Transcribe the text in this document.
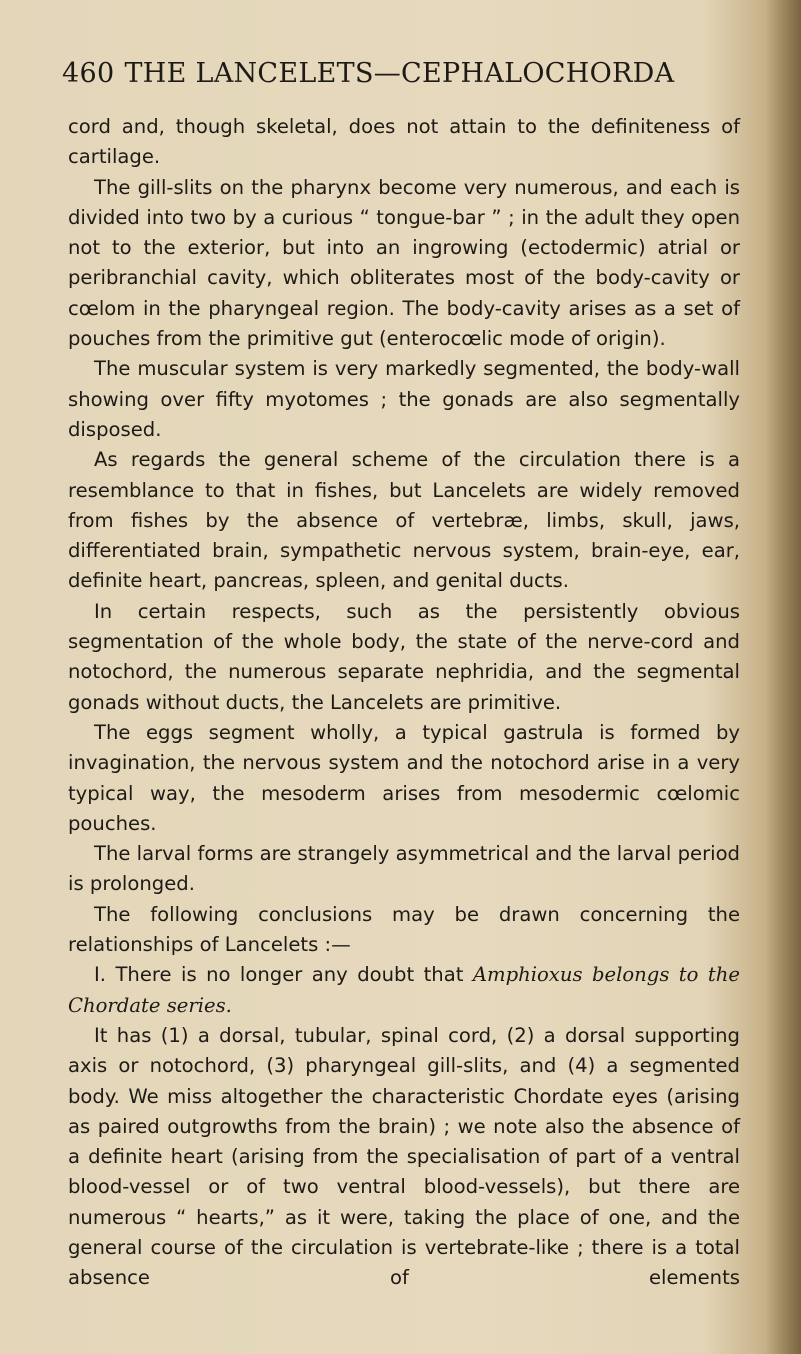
460 THE LANCELETS—CEPHALOCHORDA

cord and, though skeletal, does not attain to the definiteness of cartilage.

The gill-slits on the pharynx become very numerous, and each is divided into two by a curious “ tongue-bar ” ; in the adult they open not to the exterior, but into an ingrowing (ectodermic) atrial or peribranchial cavity, which obliterates most of the body-cavity or cœlom in the pharyngeal region. The body-cavity arises as a set of pouches from the primitive gut (enterocœlic mode of origin).

The muscular system is very markedly segmented, the body-wall showing over fifty myotomes ; the gonads are also segmentally disposed.

As regards the general scheme of the circulation there is a resemblance to that in fishes, but Lancelets are widely removed from fishes by the absence of vertebræ, limbs, skull, jaws, differentiated brain, sympathetic nervous system, brain-eye, ear, definite heart, pancreas, spleen, and genital ducts.

In certain respects, such as the persistently obvious segmentation of the whole body, the state of the nerve-cord and notochord, the numerous separate nephridia, and the segmental gonads without ducts, the Lancelets are primitive.

The eggs segment wholly, a typical gastrula is formed by invagination, the nervous system and the notochord arise in a very typical way, the mesoderm arises from mesodermic cœlomic pouches.

The larval forms are strangely asymmetrical and the larval period is prolonged.

The following conclusions may be drawn concerning the relationships of Lancelets :—

I. There is no longer any doubt that Amphioxus belongs to the Chordate series.

It has (1) a dorsal, tubular, spinal cord, (2) a dorsal supporting axis or notochord, (3) pharyngeal gill-slits, and (4) a segmented body. We miss altogether the characteristic Chordate eyes (arising as paired outgrowths from the brain) ; we note also the absence of a definite heart (arising from the specialisation of part of a ventral blood-vessel or of two ventral blood-vessels), but there are numerous “ hearts,” as it were, taking the place of one, and the general course of the circulation is vertebrate-like ; there is a total absence of elements
